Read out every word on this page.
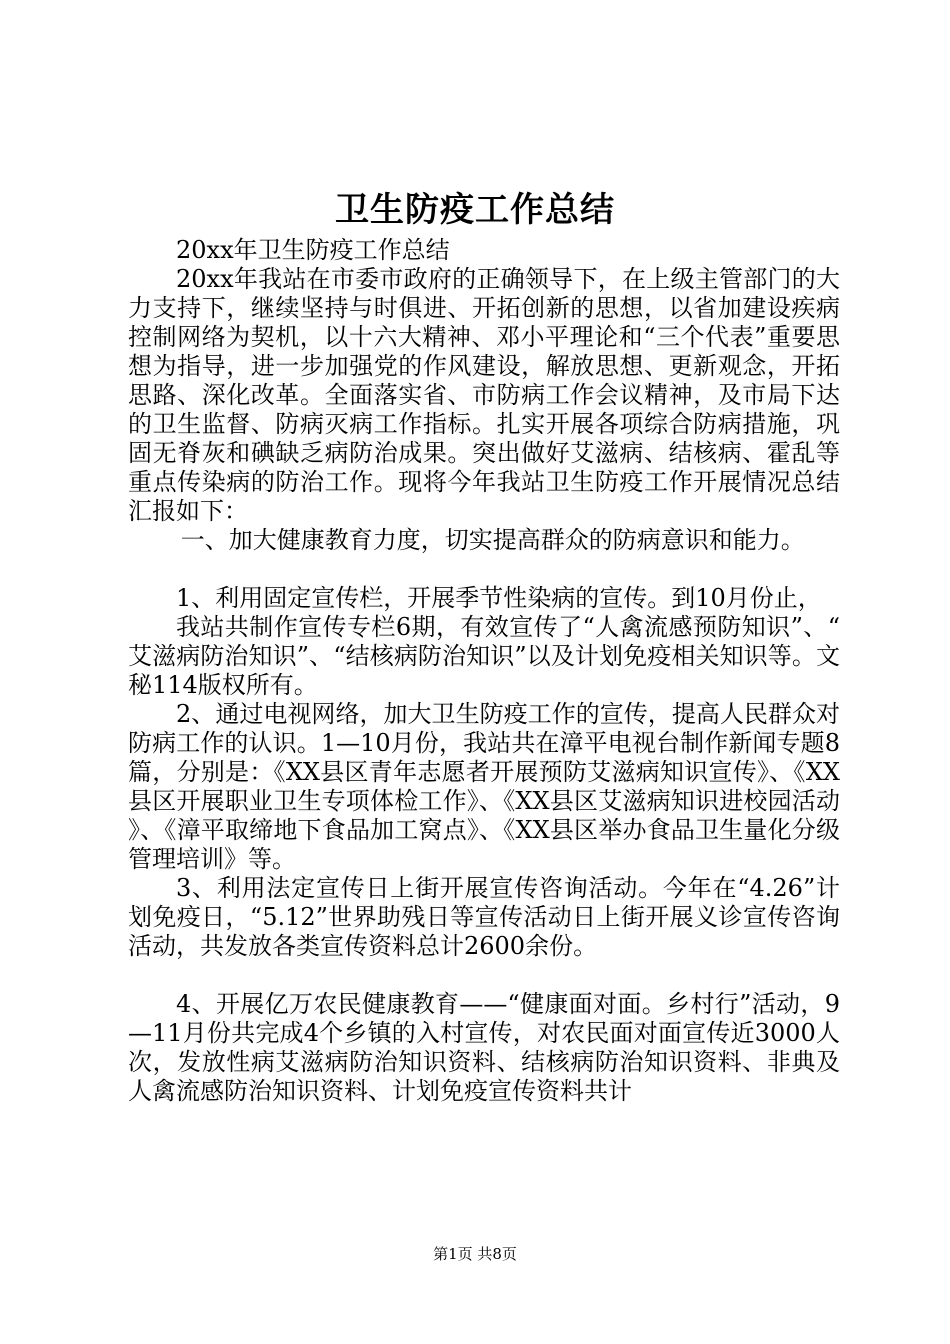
卫生防疫工作总结

20xx年卫生防疫工作总结

20xx年我站在市委市政府的正确领导下，在上级主管部门的大力支持下，继续坚持与时俱进、开拓创新的思想，以省加建设疾病控制网络为契机，以十六大精神、邓小平理论和“三个代表”重要思想为指导，进一步加强党的作风建设，解放思想、更新观念，开拓思路、深化改革。全面落实省、市防病工作会议精神，及市局下达的卫生监督、防病灭病工作指标。扎实开展各项综合防病措施，巩固无脊灰和碘缺乏病防治成果。突出做好艾滋病、结核病、霍乱等重点传染病的防治工作。现将今年我站卫生防疫工作开展情况总结汇报如下：

一、加大健康教育力度，切实提高群众的防病意识和能力。

1、利用固定宣传栏，开展季节性染病的宣传。到10月份止，

我站共制作宣传专栏6期，有效宣传了“人禽流感预防知识”、“艾滋病防治知识”、“结核病防治知识”以及计划免疫相关知识等。文秘114版权所有。

2、通过电视网络，加大卫生防疫工作的宣传，提高人民群众对防病工作的认识。1—10月份，我站共在漳平电视台制作新闻专题8篇，分别是：《XX县区青年志愿者开展预防艾滋病知识宣传》、《XX县区开展职业卫生专项体检工作》、《XX县区艾滋病知识进校园活动》、《漳平取缔地下食品加工窝点》、《XX县区举办食品卫生量化分级管理培训》等。

3、利用法定宣传日上街开展宣传咨询活动。今年在“4.26”计划免疫日，“5.12”世界助残日等宣传活动日上街开展义诊宣传咨询活动，共发放各类宣传资料总计2600余份。

4、开展亿万农民健康教育——“健康面对面。乡村行”活动，9—11月份共完成4个乡镇的入村宣传，对农民面对面宣传近3000人次，发放性病艾滋病防治知识资料、结核病防治知识资料、非典及人禽流感防治知识资料、计划免疫宣传资料共计

第1页 共8页
